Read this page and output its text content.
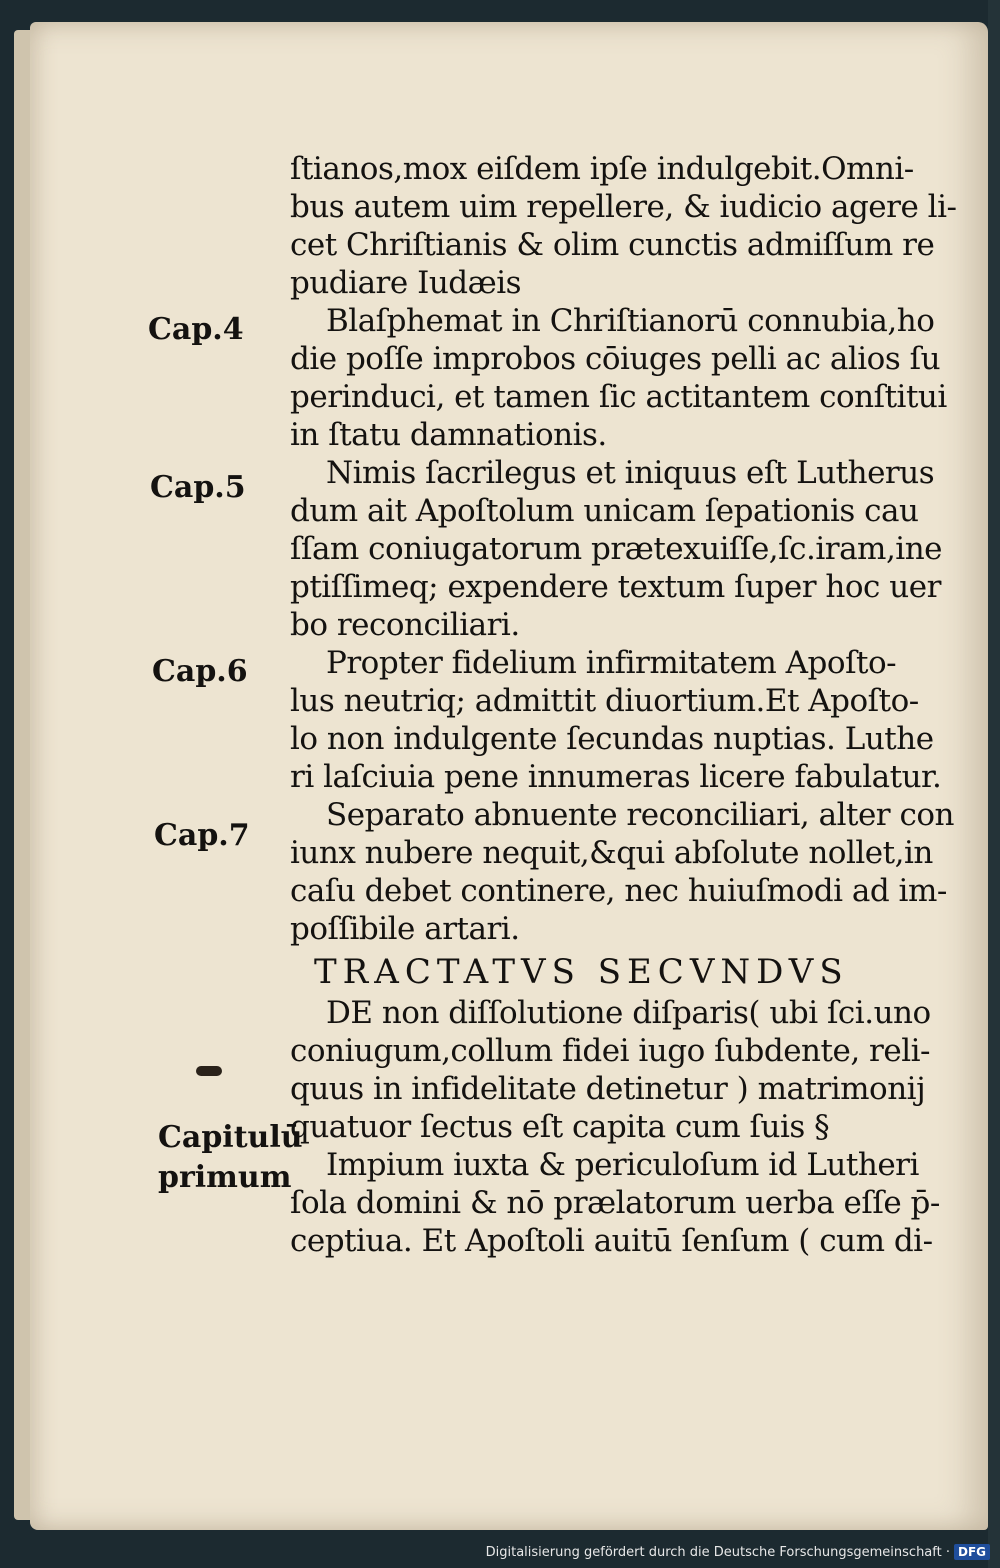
Cap.4
Cap.5
Cap.6
Cap.7
Capitulū
primum
ſtianos,mox eiſdem ipſe indulgebit.Omni-
bus autem uim repellere, & iudicio agere li-
cet Chriſtianis & olim cunctis admiſſum re
pudiare Iudæis
Blaſphemat in Chriſtianorū connubia,ho
die poſſe improbos cōiuges pelli ac alios ſu
perinduci, et tamen ſic actitantem conſtitui
in ſtatu damnationis.
Nimis ſacrilegus et iniquus eſt Lutherus
dum ait Apoſtolum unicam ſepationis cau
ſſam coniugatorum prætexuiſſe,ſc.iram,ine
ptiſſimeq; expendere textum ſuper hoc uer
bo reconciliari.
Propter fidelium infirmitatem Apoſto-
lus neutriq; admittit diuortium.Et Apoſto-
lo non indulgente ſecundas nuptias. Luthe
ri laſciuia pene innumeras licere fabulatur.
Separato abnuente reconciliari, alter con
iunx nubere nequit,&qui abſolute nollet,in
caſu debet continere, nec huiuſmodi ad im-
poſſibile artari.
TRACTATVS SECVNDVS
DE non diſſolutione diſparis( ubi ſci.uno
coniugum,collum fidei iugo ſubdente, reli-
quus in infidelitate detinetur ) matrimonij
quatuor ſectus eſt capita cum ſuis §
Impium iuxta & periculoſum id Lutheri
ſola domini & nō prælatorum uerba eſſe p̄-
ceptiua. Et Apoſtoli auitū ſenſum ( cum di-
Digitalisierung gefördert durch die Deutsche Forschungsgemeinschaft · DFG
